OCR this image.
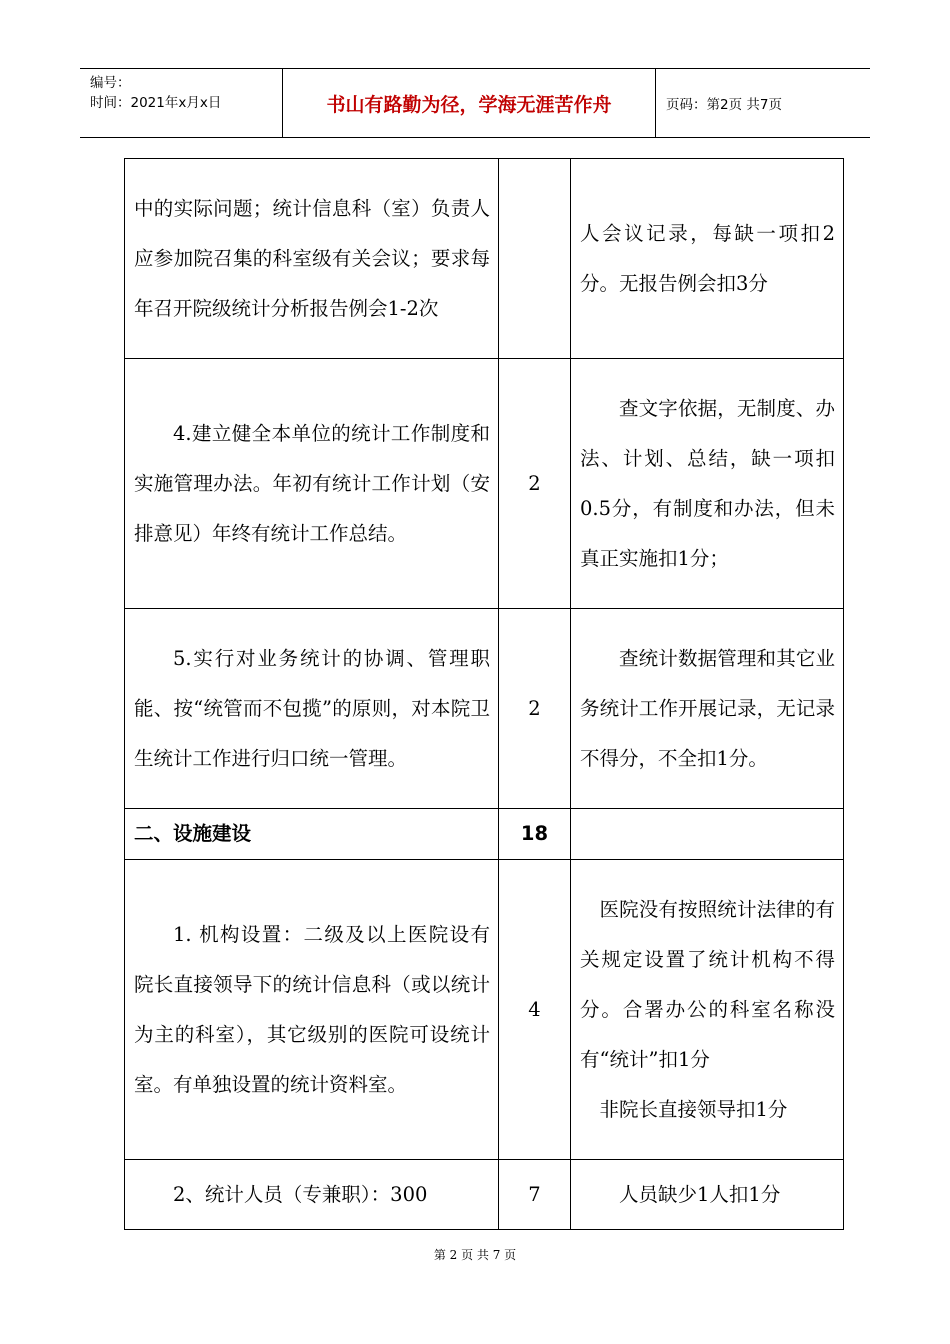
编号：
时间：2021年x月x日	书山有路勤为径，学海无涯苦作舟	页码：第2页 共7页
中的实际问题；统计信息科（室）负责人应参加院召集的科室级有关会议；要求每年召开院级统计分析报告例会1-2次		人会议记录，每缺一项扣2分。无报告例会扣3分
4.建立健全本单位的统计工作制度和实施管理办法。年初有统计工作计划（安排意见）年终有统计工作总结。	2	查文字依据，无制度、办法、计划、总结，缺一项扣0.5分，有制度和办法，但未真正实施扣1分；
5.实行对业务统计的协调、管理职能、按“统管而不包揽”的原则，对本院卫生统计工作进行归口统一管理。	2	查统计数据管理和其它业务统计工作开展记录，无记录不得分，不全扣1分。
二、设施建设	18	
1. 机构设置：二级及以上医院设有院长直接领导下的统计信息科（或以统计为主的科室），其它级别的医院可设统计室。有单独设置的统计资料室。	4	医院没有按照统计法律的有关规定设置了统计机构不得分。合署办公的科室名称没有“统计”扣1分

非院长直接领导扣1分

2、统计人员（专兼职）：300	7	人员缺少1人扣1分
第 2 页 共 7 页
